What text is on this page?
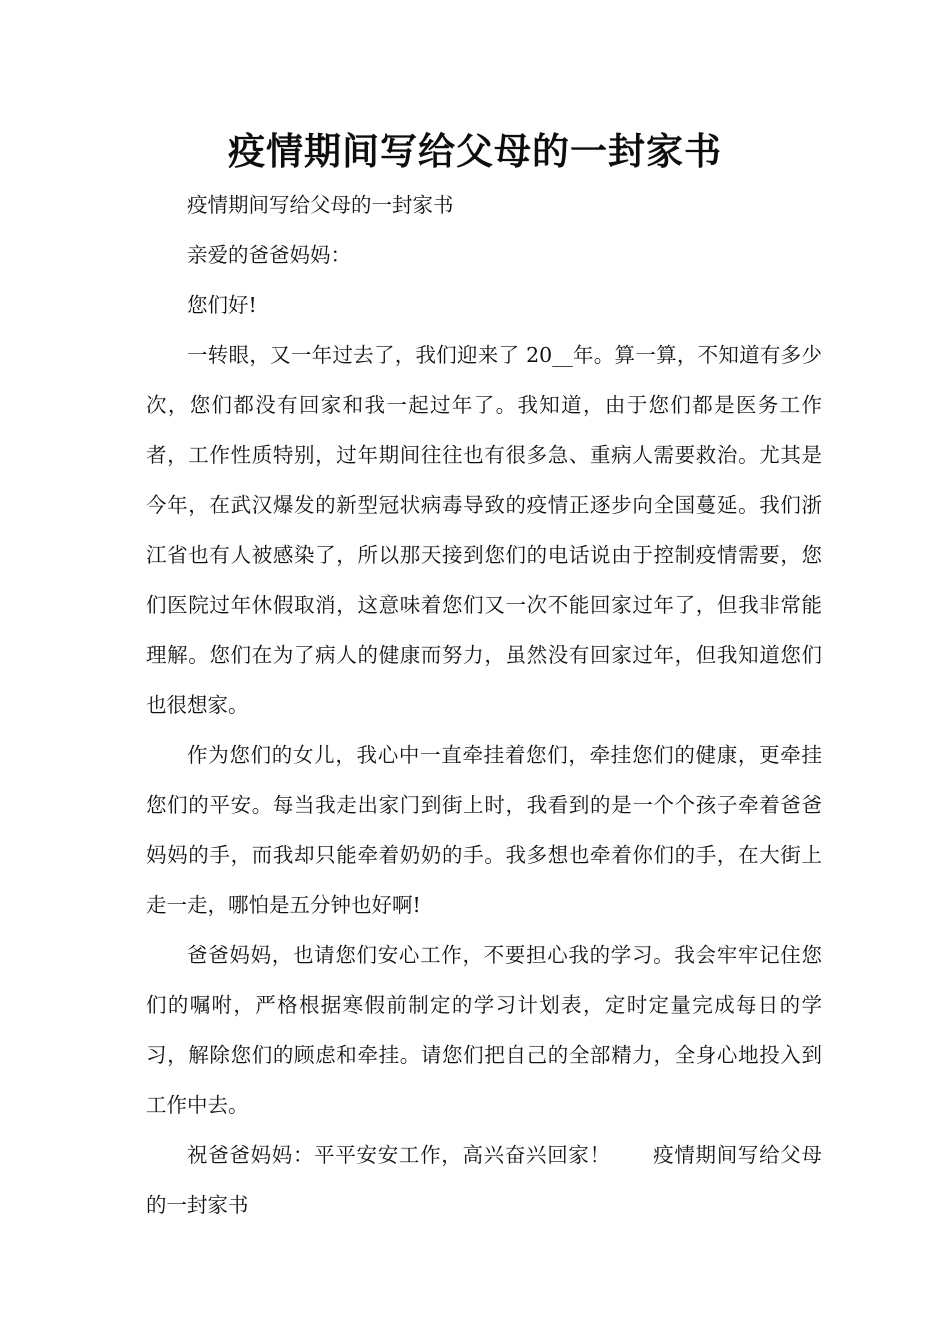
疫情期间写给父母的一封家书

疫情期间写给父母的一封家书

亲爱的爸爸妈妈：

您们好!

一转眼，又一年过去了，我们迎来了 20__年。算一算，不知道有多少次，您们都没有回家和我一起过年了。我知道，由于您们都是医务工作者，工作性质特别，过年期间往往也有很多急、重病人需要救治。尤其是今年，在武汉爆发的新型冠状病毒导致的疫情正逐步向全国蔓延。我们浙江省也有人被感染了，所以那天接到您们的电话说由于控制疫情需要，您们医院过年休假取消，这意味着您们又一次不能回家过年了，但我非常能理解。您们在为了病人的健康而努力，虽然没有回家过年，但我知道您们也很想家。

作为您们的女儿，我心中一直牵挂着您们，牵挂您们的健康，更牵挂您们的平安。每当我走出家门到街上时，我看到的是一个个孩子牵着爸爸妈妈的手，而我却只能牵着奶奶的手。我多想也牵着你们的手，在大街上走一走，哪怕是五分钟也好啊!

爸爸妈妈，也请您们安心工作，不要担心我的学习。我会牢牢记住您们的嘱咐，严格根据寒假前制定的学习计划表，定时定量完成每日的学习，解除您们的顾虑和牵挂。请您们把自己的全部精力，全身心地投入到工作中去。

祝爸爸妈妈：平平安安工作，高兴奋兴回家！　　疫情期间写给父母的一封家书
